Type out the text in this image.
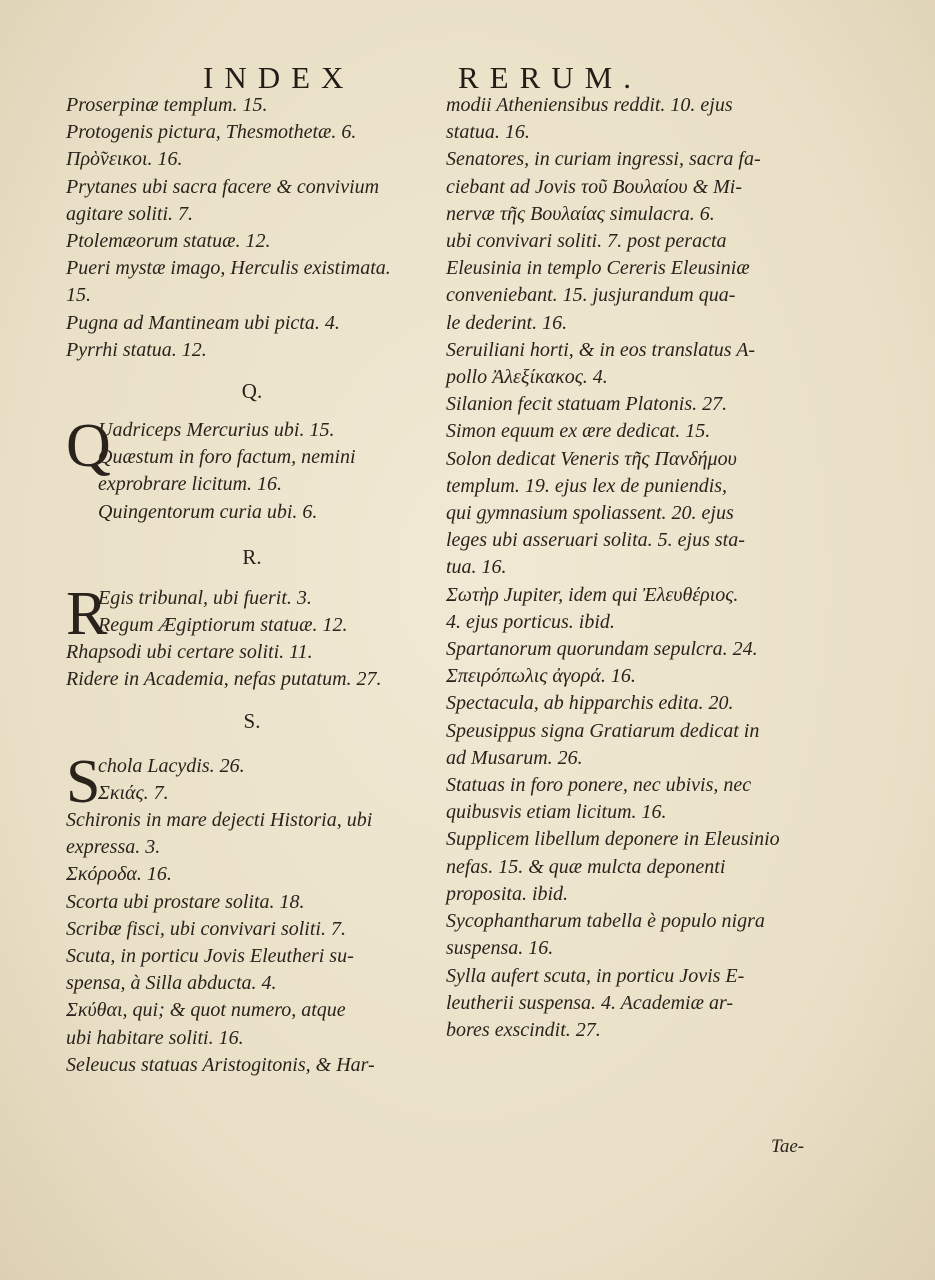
INDEX	RERUM.
Proserpinæ templum. 15.
Protogenis pictura, Thesmothetæ. 6.
Πρὸ̃νεικοι. 16.
Prytanes ubi sacra facere & convivium
agitare soliti. 7.
Ptolemæorum statuæ. 12.
Pueri mystæ imago, Herculis existimata.
15.
Pugna ad Mantineam ubi picta. 4.
Pyrrhi statua. 12.
Q.
Q
Uadriceps Mercurius ubi. 15.
Quæstum in foro factum, nemini
exprobrare licitum. 16.
Quingentorum curia ubi. 6.
R.
R
Egis tribunal, ubi fuerit. 3.
Regum Ægiptiorum statuæ. 12.
Rhapsodi ubi certare soliti. 11.
Ridere in Academia, nefas putatum. 27.
S.
S
chola Lacydis. 26.
Σκιάς. 7.
Schironis in mare dejecti Historia, ubi
expressa. 3.
Σκόροδα. 16.
Scorta ubi prostare solita. 18.
Scribæ fisci, ubi convivari soliti. 7.
Scuta, in porticu Jovis Eleutheri su-
spensa, à Silla abducta. 4.
Σκύθαι, qui; & quot numero, atque
ubi habitare soliti. 16.
Seleucus statuas Aristogitonis, & Har-
modii Atheniensibus reddit. 10. ejus
statua. 16.
Senatores, in curiam ingressi, sacra fa-
ciebant ad Jovis τοῦ Βουλαίου & Mi-
nervæ τῆς Βουλαίας simulacra. 6.
ubi convivari soliti. 7. post peracta
Eleusinia in templo Cereris Eleusiniæ
conveniebant. 15. jusjurandum qua-
le dederint. 16.
Seruiliani horti, & in eos translatus A-
pollo Ἀλεξίκακος. 4.
Silanion fecit statuam Platonis. 27.
Simon equum ex ære dedicat. 15.
Solon dedicat Veneris τῆς Πανδήμου
templum. 19. ejus lex de puniendis,
qui gymnasium spoliassent. 20. ejus
leges ubi asseruari solita. 5. ejus sta-
tua. 16.
Σωτὴρ Jupiter, idem qui Ἐλευθέριος.
4. ejus porticus. ibid.
Spartanorum quorundam sepulcra. 24.
Σπειρόπωλις ἀγορά. 16.
Spectacula, ab hipparchis edita. 20.
Speusippus signa Gratiarum dedicat in
ad Musarum. 26.
Statuas in foro ponere, nec ubivis, nec
quibusvis etiam licitum. 16.
Supplicem libellum deponere in Eleusinio
nefas. 15. & quæ mulcta deponenti
proposita. ibid.
Sycophantharum tabella è populo nigra
suspensa. 16.
Sylla aufert scuta, in porticu Jovis E-
leutherii suspensa. 4. Academiæ ar-
bores exscindit. 27.
Tae-
